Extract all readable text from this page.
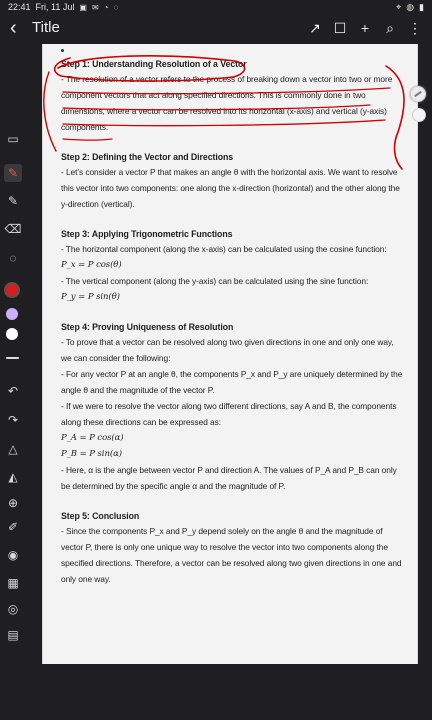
22:41 Fri, 11 Jul ▣ ✉ ◔ ◌	⌖ ◍ ▮
‹ Title	↗ ☐ + ⌕ ⋮
▭
✎
✎
⌫
◌
↶
↷
△
◭
⊕
✐
◉
▦
◎
▤
Step 1: Understanding Resolution of a Vector

- The resolution of a vector refers to the process of breaking down a vector into two or more component vectors that act along specified directions. This is commonly done in two dimensions, where a vector can be resolved into its horizontal (x-axis) and vertical (y-axis) components.

Step 2: Defining the Vector and Directions

- Let’s consider a vector P that makes an angle θ with the horizontal axis. We want to resolve this vector into two components: one along the x-direction (horizontal) and the other along the y-direction (vertical).

Step 3: Applying Trigonometric Functions

- The horizontal component (along the x-axis) can be calculated using the cosine function:

P_x = P cos(θ)

- The vertical component (along the y-axis) can be calculated using the sine function:

P_y = P sin(θ)

Step 4: Proving Uniqueness of Resolution

- To prove that a vector can be resolved along two given directions in one and only one way, we can consider the following:

- For any vector P at an angle θ, the components P_x and P_y are uniquely determined by the angle θ and the magnitude of the vector P.

- If we were to resolve the vector along two different directions, say A and B, the components along these directions can be expressed as:

P_A = P cos(α)

P_B = P sin(α)

- Here, α is the angle between vector P and direction A. The values of P_A and P_B can only be determined by the specific angle α and the magnitude of P.

Step 5: Conclusion

- Since the components P_x and P_y depend solely on the angle θ and the magnitude of vector P, there is only one unique way to resolve the vector into two components along the specified directions. Therefore, a vector can be resolved along two given directions in one and only one way.
